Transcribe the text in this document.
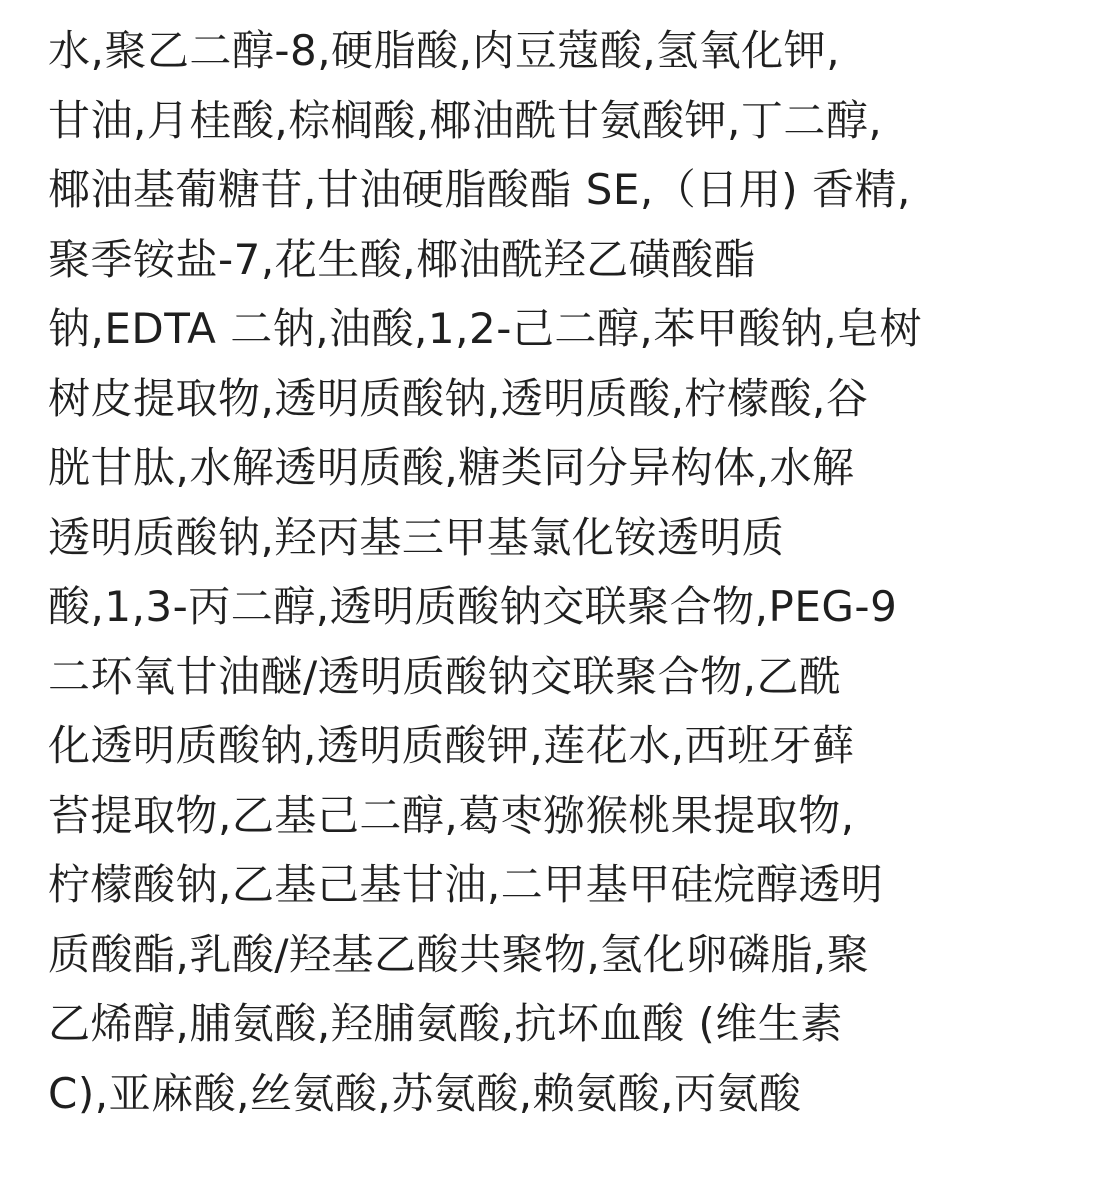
水,聚乙二醇-8,硬脂酸,肉豆蔻酸,氢氧化钾,
甘油,月桂酸,棕榈酸,椰油酰甘氨酸钾,丁二醇,
椰油基葡糖苷,甘油硬脂酸酯 SE,（日用) 香精,
聚季铵盐-7,花生酸,椰油酰羟乙磺酸酯
钠,EDTA 二钠,油酸,1,2-己二醇,苯甲酸钠,皂树
树皮提取物,透明质酸钠,透明质酸,柠檬酸,谷
胱甘肽,水解透明质酸,糖类同分异构体,水解
透明质酸钠,羟丙基三甲基氯化铵透明质
酸,1,3-丙二醇,透明质酸钠交联聚合物,PEG-9
二环氧甘油醚/透明质酸钠交联聚合物,乙酰
化透明质酸钠,透明质酸钾,莲花水,西班牙藓
苔提取物,乙基己二醇,葛枣猕猴桃果提取物,
柠檬酸钠,乙基己基甘油,二甲基甲硅烷醇透明
质酸酯,乳酸/羟基乙酸共聚物,氢化卵磷脂,聚
乙烯醇,脯氨酸,羟脯氨酸,抗坏血酸 (维生素
C),亚麻酸,丝氨酸,苏氨酸,赖氨酸,丙氨酸
